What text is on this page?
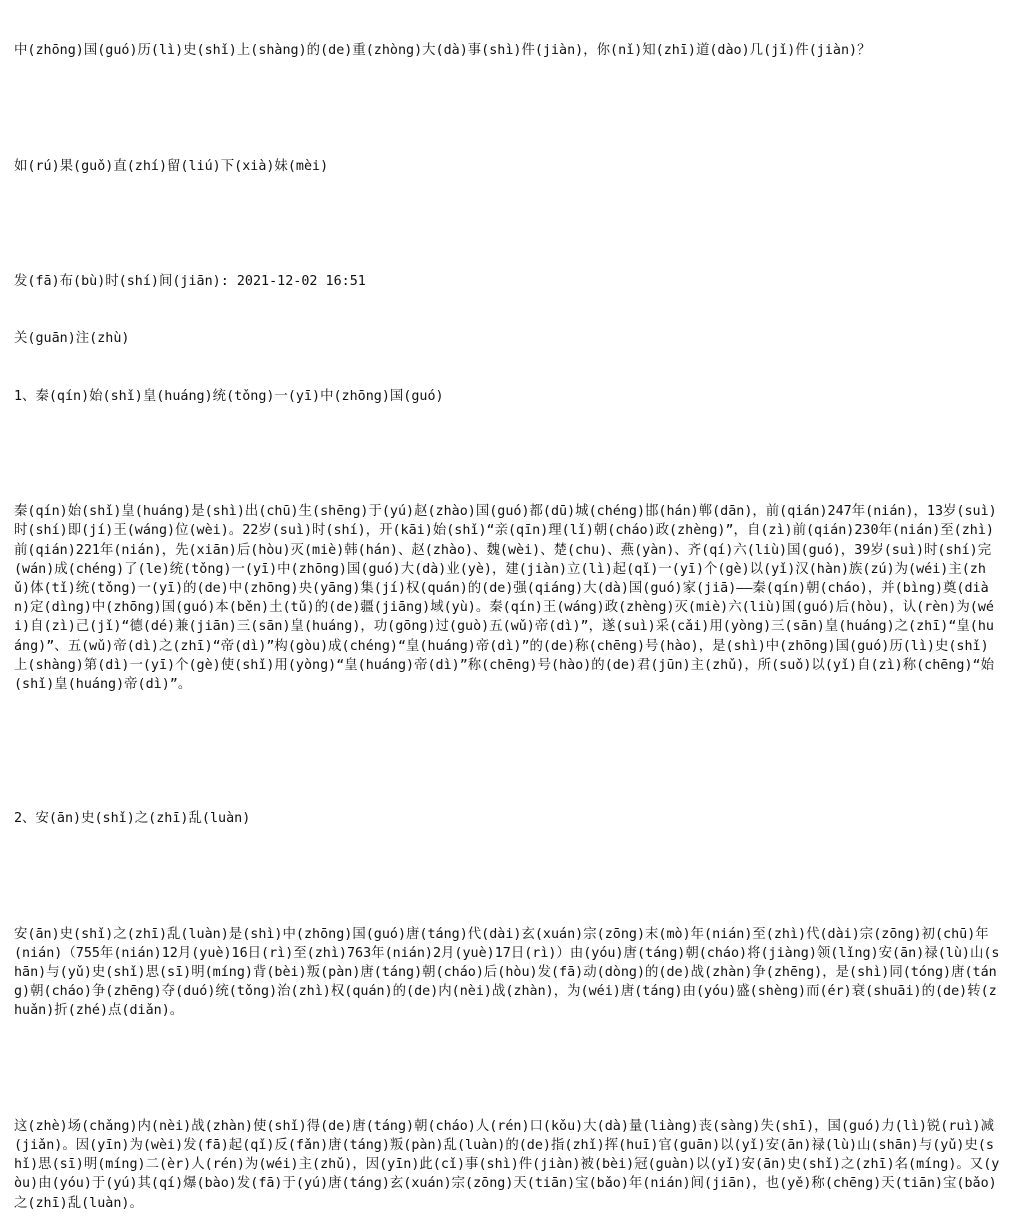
中(zhōng)国(guó)历(lì)史(shǐ)上(shàng)的(de)重(zhòng)大(dà)事(shì)件(jiàn)，你(nǐ)知(zhī)道(dào)几(jǐ)件(jiàn)？

如(rú)果(guǒ)直(zhí)留(liú)下(xià)妹(mèi)

发(fā)布(bù)时(shí)间(jiān): 2021-12-02 16:51

关(guān)注(zhù)

1、秦(qín)始(shǐ)皇(huáng)统(tǒng)一(yī)中(zhōng)国(guó)

秦(qín)始(shǐ)皇(huáng)是(shì)出(chū)生(shēng)于(yú)赵(zhào)国(guó)都(dū)城(chéng)邯(hán)郸(dān)，前(qián)247年(nián)，13岁(suì)时(shí)即(jí)王(wáng)位(wèi)。22岁(suì)时(shí)，开(kāi)始(shǐ)“亲(qīn)理(lǐ)朝(cháo)政(zhèng)”，自(zì)前(qián)230年(nián)至(zhì)前(qián)221年(nián)，先(xiān)后(hòu)灭(miè)韩(hán)、赵(zhào)、魏(wèi)、楚(chu)、燕(yàn)、齐(qí)六(liù)国(guó)，39岁(suì)时(shí)完(wán)成(chéng)了(le)统(tǒng)一(yī)中(zhōng)国(guó)大(dà)业(yè)，建(jiàn)立(lì)起(qǐ)一(yī)个(gè)以(yǐ)汉(hàn)族(zú)为(wéi)主(zhǔ)体(tǐ)统(tǒng)一(yī)的(de)中(zhōng)央(yāng)集(jí)权(quán)的(de)强(qiáng)大(dà)国(guó)家(jiā)——秦(qín)朝(cháo)，并(bìng)奠(diàn)定(dìng)中(zhōng)国(guó)本(běn)土(tǔ)的(de)疆(jiāng)域(yù)。秦(qín)王(wáng)政(zhèng)灭(miè)六(liù)国(guó)后(hòu)，认(rèn)为(wéi)自(zì)己(jǐ)“德(dé)兼(jiān)三(sān)皇(huáng)，功(gōng)过(guò)五(wǔ)帝(dì)”，遂(suì)采(cǎi)用(yòng)三(sān)皇(huáng)之(zhī)“皇(huáng)”、五(wǔ)帝(dì)之(zhī)“帝(dì)”构(gòu)成(chéng)“皇(huáng)帝(dì)”的(de)称(chēng)号(hào)，是(shì)中(zhōng)国(guó)历(lì)史(shǐ)上(shàng)第(dì)一(yī)个(gè)使(shǐ)用(yòng)“皇(huáng)帝(dì)”称(chēng)号(hào)的(de)君(jūn)主(zhǔ)，所(suǒ)以(yǐ)自(zì)称(chēng)“始(shǐ)皇(huáng)帝(dì)”。

2、安(ān)史(shǐ)之(zhī)乱(luàn)

安(ān)史(shǐ)之(zhī)乱(luàn)是(shì)中(zhōng)国(guó)唐(táng)代(dài)玄(xuán)宗(zōng)末(mò)年(nián)至(zhì)代(dài)宗(zōng)初(chū)年(nián)（755年(nián)12月(yuè)16日(rì)至(zhì)763年(nián)2月(yuè)17日(rì)）由(yóu)唐(táng)朝(cháo)将(jiàng)领(lǐng)安(ān)禄(lù)山(shān)与(yǔ)史(shǐ)思(sī)明(míng)背(bèi)叛(pàn)唐(táng)朝(cháo)后(hòu)发(fā)动(dòng)的(de)战(zhàn)争(zhēng)，是(shì)同(tóng)唐(táng)朝(cháo)争(zhēng)夺(duó)统(tǒng)治(zhì)权(quán)的(de)内(nèi)战(zhàn)，为(wéi)唐(táng)由(yóu)盛(shèng)而(ér)衰(shuāi)的(de)转(zhuǎn)折(zhé)点(diǎn)。

这(zhè)场(chǎng)内(nèi)战(zhàn)使(shǐ)得(de)唐(táng)朝(cháo)人(rén)口(kǒu)大(dà)量(liàng)丧(sàng)失(shī)，国(guó)力(lì)锐(ruì)减(jiǎn)。因(yīn)为(wèi)发(fā)起(qǐ)反(fǎn)唐(táng)叛(pàn)乱(luàn)的(de)指(zhǐ)挥(huī)官(guān)以(yǐ)安(ān)禄(lù)山(shān)与(yǔ)史(shǐ)思(sī)明(míng)二(èr)人(rén)为(wéi)主(zhǔ)，因(yīn)此(cǐ)事(shì)件(jiàn)被(bèi)冠(guàn)以(yǐ)安(ān)史(shǐ)之(zhī)名(míng)。又(yòu)由(yóu)于(yú)其(qí)爆(bào)发(fā)于(yú)唐(táng)玄(xuán)宗(zōng)天(tiān)宝(bǎo)年(nián)间(jiān)，也(yě)称(chēng)天(tiān)宝(bǎo)之(zhī)乱(luàn)。
